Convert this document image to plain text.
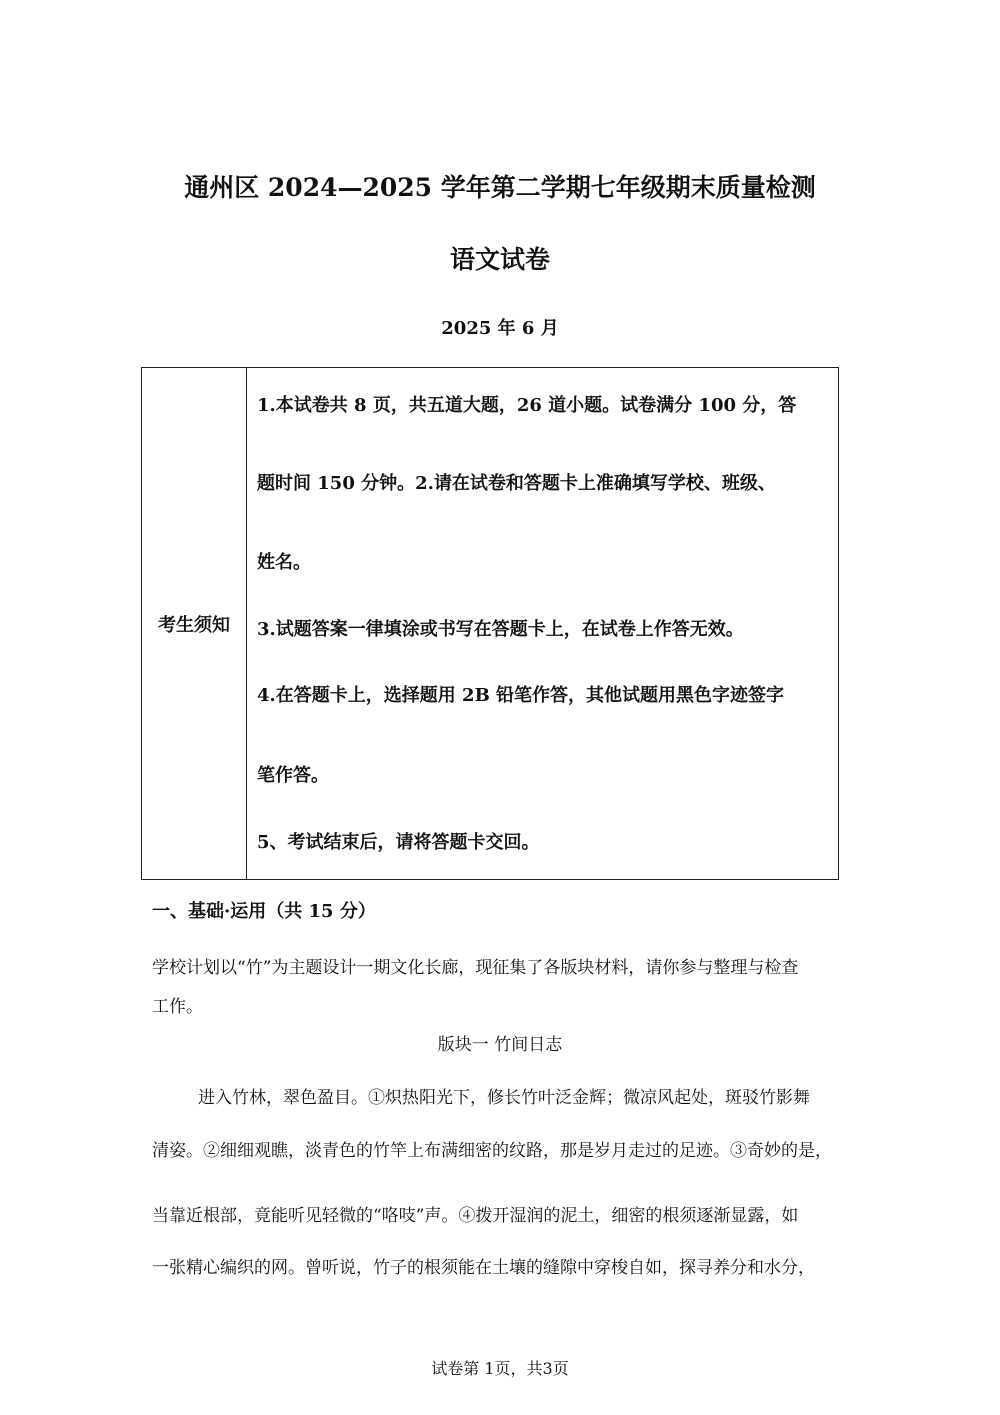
通州区 2024—2025 学年第二学期七年级期末质量检测
语文试卷
2025 年 6 月
考生须知
1.本试卷共 8 页，共五道大题，26 道小题。试卷满分 100 分，答
题时间 150 分钟。2.请在试卷和答题卡上准确填写学校、班级、
姓名。
3.试题答案一律填涂或书写在答题卡上，在试卷上作答无效。
4.在答题卡上，选择题用 2B 铅笔作答，其他试题用黑色字迹签字
笔作答。
5、考试结束后，请将答题卡交回。
一、基础·运用（共 15 分）
学校计划以“竹”为主题设计一期文化长廊，现征集了各版块材料，请你参与整理与检查
工作。
版块一 竹间日志
进入竹林，翠色盈目。①炽热阳光下，修长竹叶泛金辉；微凉风起处，斑驳竹影舞
清姿。②细细观瞧，淡青色的竹竿上布满细密的纹路，那是岁月走过的足迹。③奇妙的是，
当靠近根部，竟能听见轻微的“咯吱”声。④拨开湿润的泥土，细密的根须逐渐显露，如
一张精心编织的网。曾听说，竹子的根须能在土壤的缝隙中穿梭自如，探寻养分和水分，
试卷第 1页，共3页
